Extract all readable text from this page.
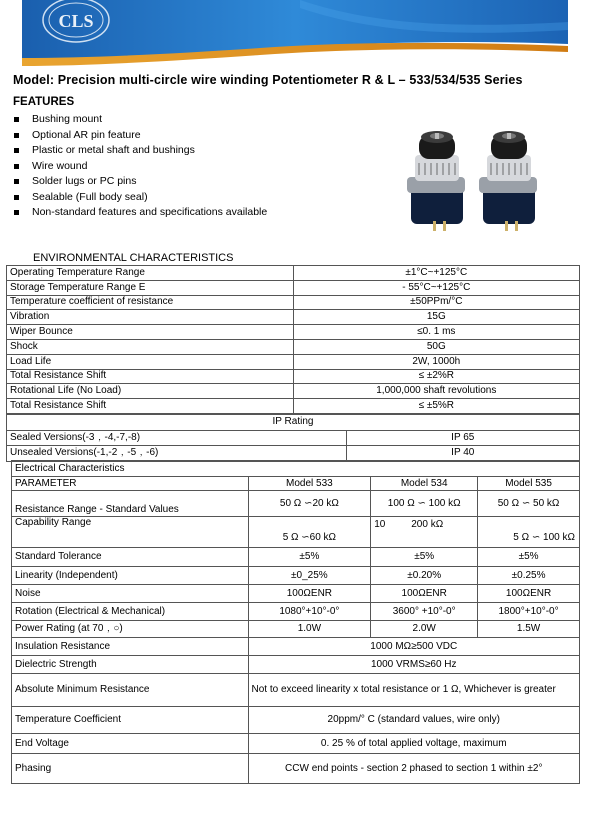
CLS
Model: Precision multi-circle wire winding Potentiometer R & L – 533/534/535 Series
FEATURES
Bushing mount
Optional AR pin feature
Plastic or metal shaft and bushings
Wire wound
Solder lugs or PC pins
Sealable (Full body seal)
Non-standard features and specifications available
ENVIRONMENTAL CHARACTERISTICS
Operating Temperature Range	±1°C~+125°C
Storage Temperature Range E	- 55°C~+125°C
Temperature coefficient of resistance	±50PPm/°C
Vibration	15G
Wiper Bounce	≤0. 1 ms
Shock	50G
Load Life	2W, 1000h
Total Resistance Shift	≤ ±2%R
Rotational Life (No Load)	1,000,000 shaft revolutions
Total Resistance Shift	≤ ±5%R
IP Rating	
Sealed Versions(-3﹐-4,-7,-8)	IP 65
Unsealed Versions(-1,-2﹐-5﹐-6)	IP 40
Electrical Characteristics			
PARAMETER	Model 533	Model 534	Model 535
Resistance Range - Standard Values	50 Ω ∽20 kΩ	100 Ω ∽ 100 kΩ	50 Ω ∽ 50 kΩ
Capability Range	5 Ω ∽60 kΩ	10 200 kΩ	5 Ω ∽ 100 kΩ

Standard Tolerance	±5%	±5%	±5%
Linearity (Independent)	±0_25%	±0.20%	±0.25%
Noise	100ΩENR	100ΩENR	100ΩENR
Rotation (Electrical & Mechanical)	1080°+10°-0°	3600° +10°-0°	1800°+10°-0°
Power Rating (at 70﹐○)	1.0W	2.0W	1.5W
Insulation Resistance	1000 MΩ≥500 VDC		
Dielectric Strength	1000 VRMS≥60 Hz		
Absolute Minimum Resistance	Not to exceed linearity x total resistance or 1 Ω, Whichever is greater		
Temperature Coefficient	20ppm/° C (standard values, wire only)		
End Voltage	0. 25 % of total applied voltage, maximum		
Phasing	CCW end points - section 2 phased to section 1 within ±2°		
